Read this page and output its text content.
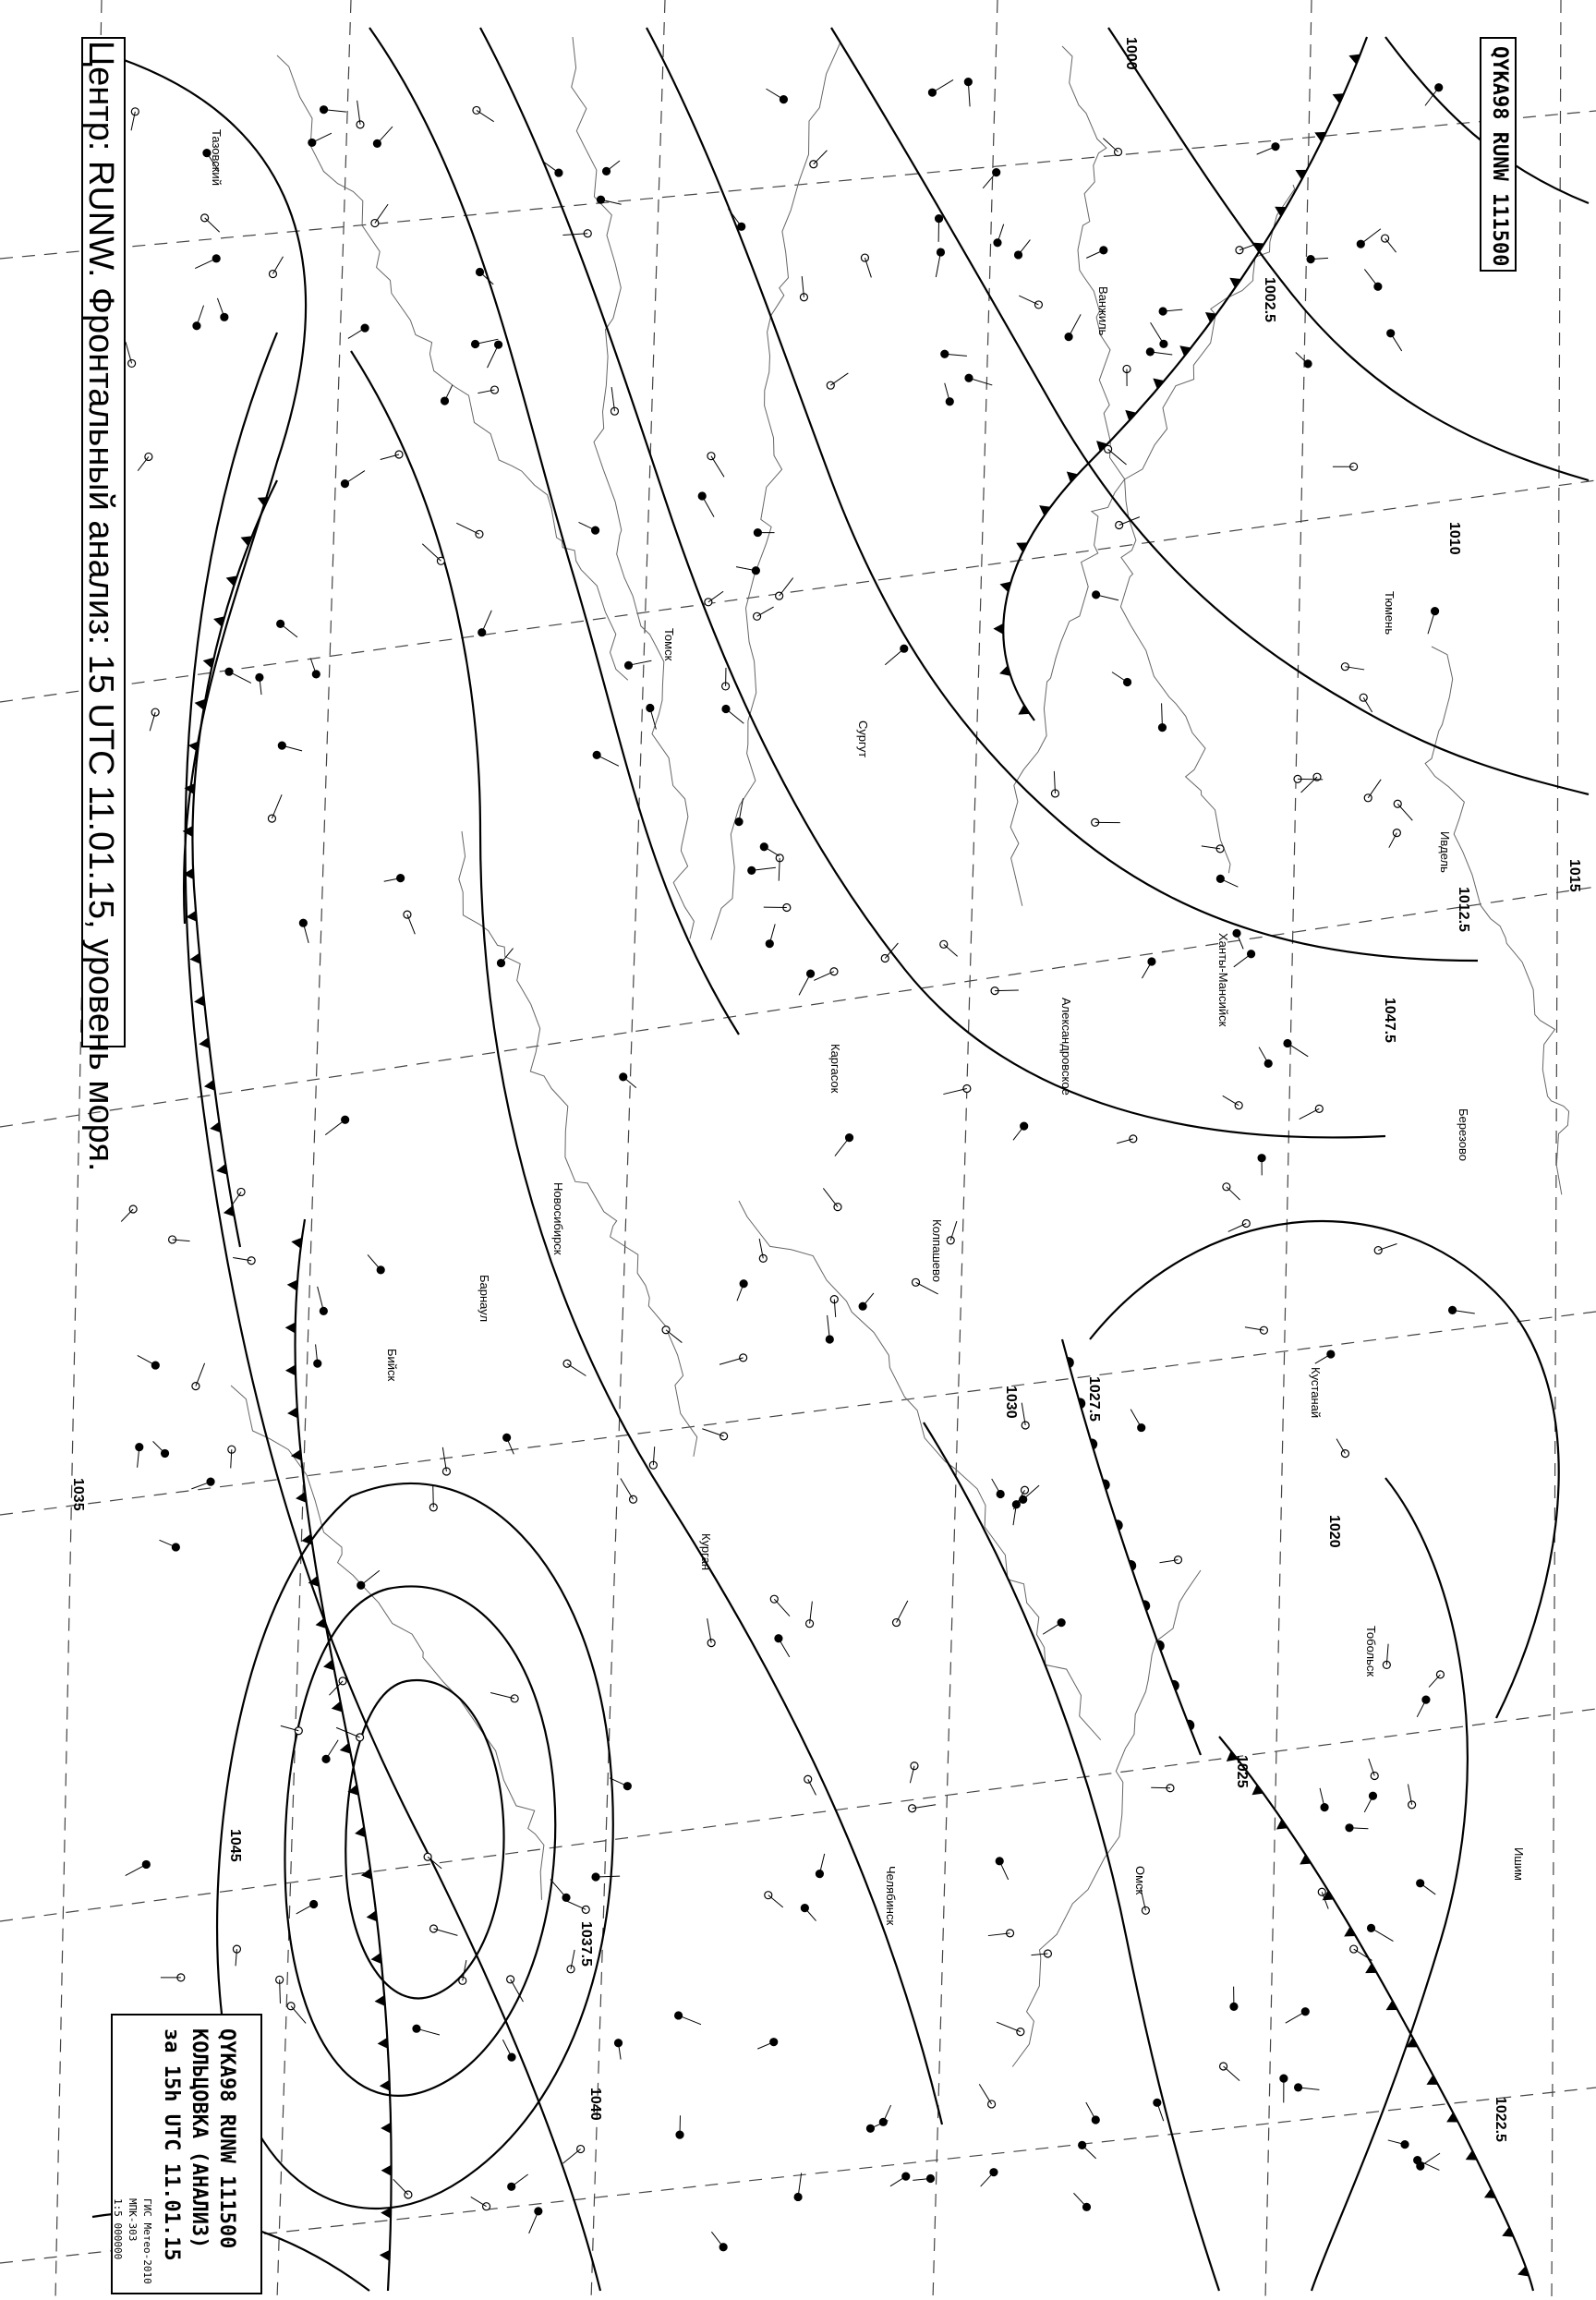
1000
1002.5
1010
1012.5
1015
1020
1022.5
1025
1027.5
1030
1035
1037.5
1040
1045
1047.5
Тазовский
Томск
Колпашево
Ванжиль
Александровское
Сургут
Ханты-Мансийск
Березово
Каргасок
Новосибирск
Барнаул
Бийск
Тобольск
Омск	Ишим
Тюмень
Кустанай
Челябинск
Курган
Ивдель
Центр: RUNW. Фронтальный анализ: 15 UTC 11.01.15, уровень моря.	QYKA98 RUNW 111500
QYKA98 RUNW 111500
КОЛЬЦОВКА (АНАЛИЗ)
за 15h UTC 11.01.15
ГИС Метео-2010
МПК-303
1:5 000000
